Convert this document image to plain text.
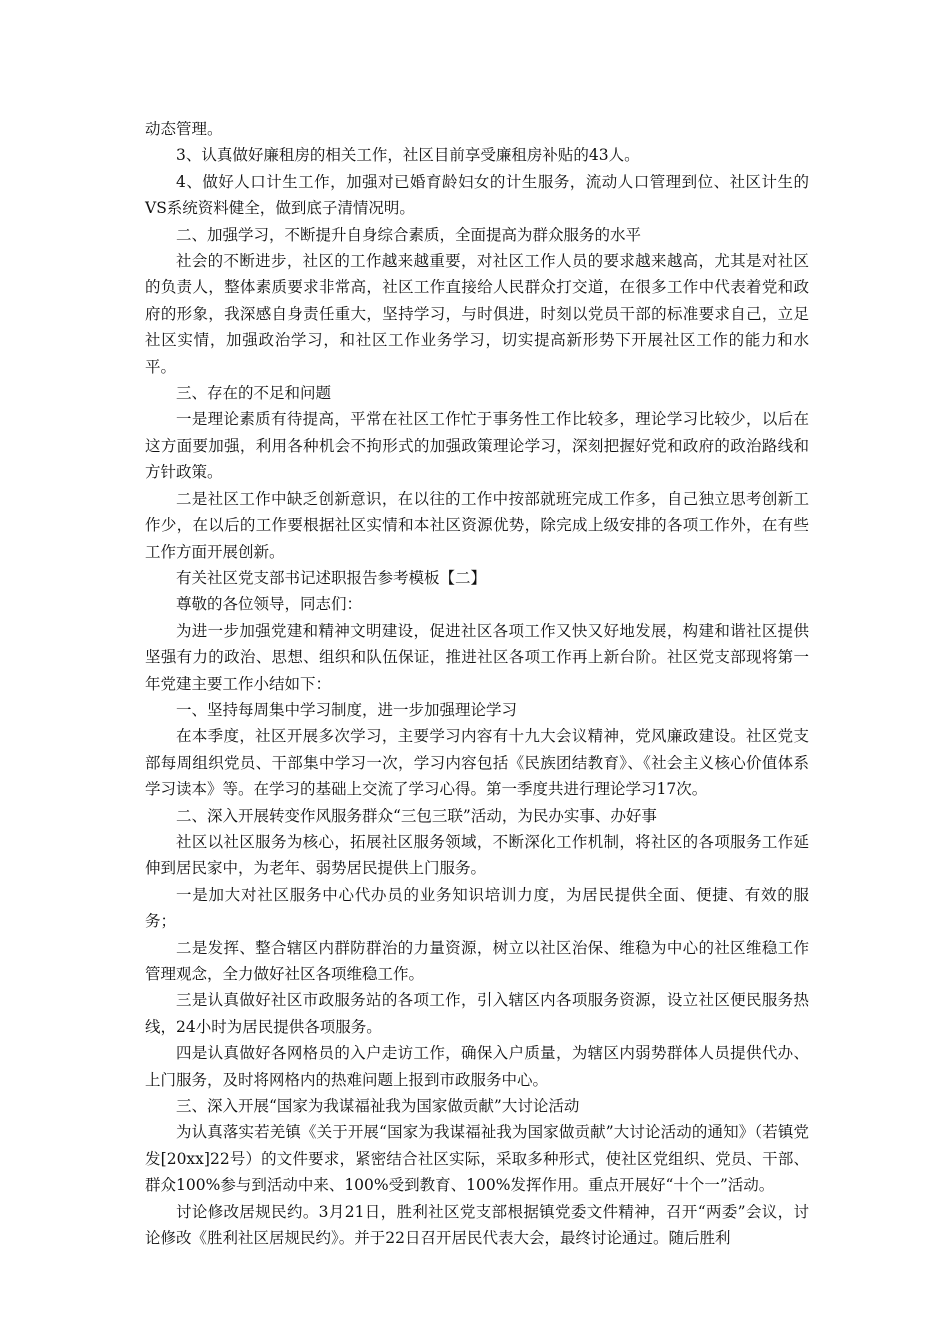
动态管理。

3、认真做好廉租房的相关工作，社区目前享受廉租房补贴的43人。

4、做好人口计生工作，加强对已婚育龄妇女的计生服务，流动人口管理到位、社区计生的VS系统资料健全，做到底子清情况明。

二、加强学习，不断提升自身综合素质，全面提高为群众服务的水平

社会的不断进步，社区的工作越来越重要，对社区工作人员的要求越来越高，尤其是对社区的负责人，整体素质要求非常高，社区工作直接给人民群众打交道，在很多工作中代表着党和政府的形象，我深感自身责任重大，坚持学习，与时俱进，时刻以党员干部的标准要求自己，立足社区实情，加强政治学习，和社区工作业务学习，切实提高新形势下开展社区工作的能力和水平。

三、存在的不足和问题

一是理论素质有待提高，平常在社区工作忙于事务性工作比较多，理论学习比较少，以后在这方面要加强，利用各种机会不拘形式的加强政策理论学习，深刻把握好党和政府的政治路线和方针政策。

二是社区工作中缺乏创新意识，在以往的工作中按部就班完成工作多，自己独立思考创新工作少，在以后的工作要根据社区实情和本社区资源优势，除完成上级安排的各项工作外，在有些工作方面开展创新。

有关社区党支部书记述职报告参考模板【二】

尊敬的各位领导，同志们：

为进一步加强党建和精神文明建设，促进社区各项工作又快又好地发展，构建和谐社区提供坚强有力的政治、思想、组织和队伍保证，推进社区各项工作再上新台阶。社区党支部现将第一年党建主要工作小结如下：

一、坚持每周集中学习制度，进一步加强理论学习

在本季度，社区开展多次学习，主要学习内容有十九大会议精神，党风廉政建设。社区党支部每周组织党员、干部集中学习一次，学习内容包括《民族团结教育》、《社会主义核心价值体系学习读本》等。在学习的基础上交流了学习心得。第一季度共进行理论学习17次。

二、深入开展转变作风服务群众“三包三联”活动，为民办实事、办好事

社区以社区服务为核心，拓展社区服务领域，不断深化工作机制，将社区的各项服务工作延伸到居民家中，为老年、弱势居民提供上门服务。

一是加大对社区服务中心代办员的业务知识培训力度，为居民提供全面、便捷、有效的服务；

二是发挥、整合辖区内群防群治的力量资源，树立以社区治保、维稳为中心的社区维稳工作管理观念，全力做好社区各项维稳工作。

三是认真做好社区市政服务站的各项工作，引入辖区内各项服务资源，设立社区便民服务热线，24小时为居民提供各项服务。

四是认真做好各网格员的入户走访工作，确保入户质量，为辖区内弱势群体人员提供代办、上门服务，及时将网格内的热难问题上报到市政服务中心。

三、深入开展“国家为我谋福祉我为国家做贡献”大讨论活动

为认真落实若羌镇《关于开展“国家为我谋福祉我为国家做贡献”大讨论活动的通知》（若镇党发[20xx]22号）的文件要求，紧密结合社区实际，采取多种形式，使社区党组织、党员、干部、群众100%参与到活动中来、100%受到教育、100%发挥作用。重点开展好“十个一”活动。

讨论修改居规民约。3月21日，胜利社区党支部根据镇党委文件精神，召开“两委”会议，讨论修改《胜利社区居规民约》。并于22日召开居民代表大会，最终讨论通过。随后胜利
